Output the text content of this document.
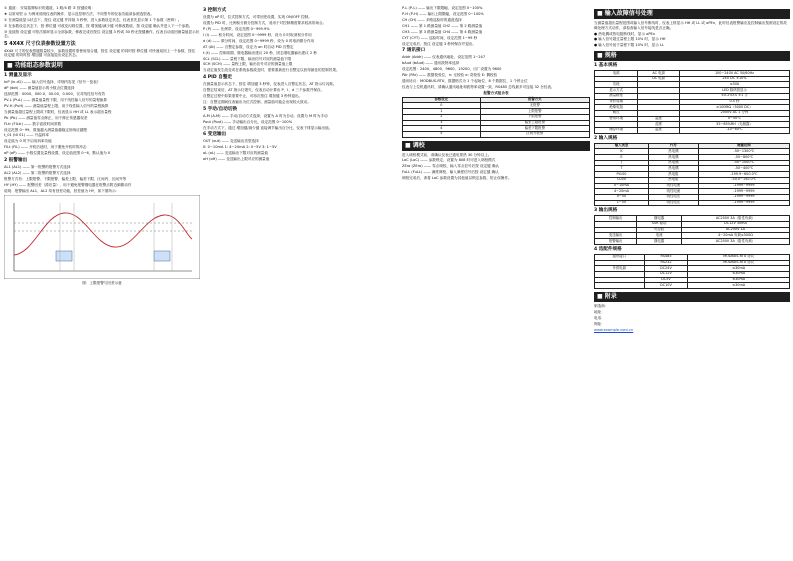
① 通道： 安装铭牌标识的通道，1 路/4 路 ② 按键说明：
★ 以常用型 ◎ 为例来说明仪表的操作、显示及控制方法，不同型号的仪表功能请参照选型表。
① 在测量值显示状态下，按住 设定键 并持续 3 秒钟，进入参数设定状态，仪表首先显示第 1 个参数（密码）。
② 在参数设定状态下，按 移位键 可改变闪烁位置，按 增加键/减少键 可修改数值，按 设定键 确认并进入下一个参数。
③ 连续按 设定键 可依次循环显示全部参数，修改完成后按住 设定键 3 秒或 30 秒无按键操作，仪表自动返回测量值显示状态。
5 4X4X 尺寸仪表参数设置方法
4X4X 尺寸的仪表按键数量较少，参数设置时需使用组合键，按住 设定键 的同时按 移位键 可快速返回上一个参数，按住 设定键 的同时按 增加键 可直接退出设定状态。
■ 功能组态参数说明
1 测量及显示
InP (in-d1) —— 输入信号选择，详细内容见《信号一览表》
dP (dot) —— 测量值显示的小数点位置选择
选择范围：0000、000.0、00.00、0.000，仅对线性信号有效
PV-L (PuL) —— 测量值量程下限，用于线性输入信号的量程换算
PV-H (PuH) —— 测量值量程上限，用于线性输入信号的量程换算
当测量值超过量程上限或下限时，仪表显示 HH 或 LL 表示超出量程
Pb (Pb) —— 测量值零点修正，用于修正传感器误差
FLtr (FILtr) —— 数字滤波时间常数
设定范围 0~99，数值越大测量值越稳定但响应越慢
t_01 (t0 01) —— 升温斜率
设定值为 0 时不启用斜率功能
FILt (FIL) —— 开机后延时，用于避免开机时的冲击
oP (oP) —— 小数位置及量程设置，设定值范围 0~6，默认值为 0
2 报警输出
AL1 (AL1) —— 第一报警的报警方式选择
AL2 (AL2) —— 第二报警的报警方式选择
报警方式有：上限报警、下限报警、偏差上限、偏差下限、区间内、区间外等
HY (HY) —— 报警回差（滞后量），用于避免报警继电器在报警点附近频繁动作
说明：报警输出 AL1、AL2 均有回差功能，回差值为 HY，如下图所示：
图：上限报警与回差示意
3 控制方式
设置为 oP 时，位式控制方式，可带回差设置，实现 ON/OFF 控制。
设置为 PID 时，比例积分微分控制方式，适用于对控制精度要求较高的场合。
P (P) —— 比例带，设定范围 0~999.9%
I (I) —— 积分时间，设定范围 0~9999 秒，设为 0 时取消积分作用
d (d) —— 微分时间，设定范围 0~9999 秒，设为 0 时取消微分作用
AT (At) —— 自整定参数，设定为 on 时启动 PID 自整定
t (t) —— 控制周期，继电器输出建议 20 秒，固态继电器输出建议 2 秒
SCL (SCL) —— 量程下限，输出信号对应的测量值下限
SCH (SCH) —— 量程上限，输出信号对应的测量值上限
当设定值发生改变或在系统参数改变时，需要重新进行自整定以获得最佳的控制效果。
4 PID 自整定
在测量值显示状态下，按住 增加键 3 秒钟，仪表进入自整定状态，AT 指示灯闪烁。
自整定结束后，AT 指示灯熄灭，仪表自动计算出 P、I、d 三个参数并保存。
自整定过程中如果需要中止，可再次按住 增加键 3 秒钟退出。
注：自整定期间仪表输出为位式控制，测量值可能会出现较大波动。
5 手动/自动切换
A-M (A-M) —— 手动/自动方式选择，设置为 A 时为自动，设置为 M 时为手动
Pout (Pout) —— 手动输出百分比，设定范围 0~100%
在手动方式下，通过 增加键/减少键 直接调节输出百分比，仪表下排显示输出值。
6 变送输出
OUT (out) —— 变送输出类型选择
0: 0~10mA 1: 4~20mA 2: 0~5V 3: 1~5V
oL (oL) —— 变送输出下限对应的测量值
oH (oH) —— 变送输出上限对应的测量值
P-L (P-L) —— 输出下限限幅，设定范围 0~100%
P-H (P-H) —— 输出上限限幅，设定范围 0~100%
CH (CH) —— 多路巡检时的通道选择
CH1 —— 第 1 路测量值 CH2 —— 第 2 路测量值
CH3 —— 第 3 路测量值 CH4 —— 第 4 路测量值
CYT (CYT) —— 巡检时间，设定范围 1~99 秒
设定完成后，按住 设定键 3 秒钟保存并退出。
7 通讯接口
Addr (Addr) —— 仪表通讯地址，设定范围 1~247
bAud (bAud) —— 通讯波特率选择
设定范围：2400、4800、9600、19200，出厂设置为 9600
PAr (PAr) —— 数据校验位，n: 无校验 o: 奇校验 E: 偶校验
通讯协议：MODBUS-RTU，数据格式为 1 个起始位、8 个数据位、1 个停止位
仪表与上位机通讯时，请确认通讯地址和波特率设置一致，RS485 总线最多可连接 32 台仪表。
报警方式组合表
参数设定	报警方式
0	无报警
1	上限报警
2	下限报警
3	偏差上限报警
4	偏差下限报警
5	区间外报警
■ 调校
进入调校模式前，请确认仪表已通电预热 30 分钟以上。
LoC (LoC) —— 参数锁定，设置为 808 时可进入调校模式
ZEro (ZEro) —— 零点调校，输入零点信号后按 设定键 确认
FuLL (FuLL) —— 满度调校，输入满度信号后按 设定键 确认
调校完成后，请将 LoC 参数设置为其他值以锁定参数，防止误操作。
■ 输入故障信号处理
当测量值超出量程范围或输入信号断线时，仪表上排显示 HH 或 LL 或 oPEn，此时仪表报警输出及控制输出按照设定的故障处理方式动作，请检查输入信号接线是否正确。
● 热电偶或热电阻断线时，显示 oPEn
● 输入信号超过量程上限 10% 时，显示 HH
● 输入信号低于量程下限 10% 时，显示 LL
■ 规格
1 基本规格
电源	AC 电源	100~240V AC 50/60Hz
	DC 电源	24V DC ±10%
功耗		≤5VA
显示方式		LED 数码管显示
测量精度		±0.2%F.S ±1 字
采样周期		0.5 秒
绝缘电阻		≥100MΩ（500V DC）
耐压		2000V AC 1 分钟
使用环境	温度	0~50℃
	湿度	35~85%RH（无凝露）
储存环境	温度	-10~60℃
2 输入规格
输入类型	代号	测量范围
K	热电偶	-50~1300℃
E	热电偶	-50~800℃
J	热电偶	-50~1000℃
T	热电偶	-50~400℃
Pt100	热电阻	-199.9~600.0℃
Cu50	热电阻	-50.0~150.0℃
0~10mA	线性电流	-1999~9999
4~20mA	线性电流	-1999~9999
0~5V	线性电压	-1999~9999
1~5V	线性电压	-1999~9999
3 输出规格
控制输出	继电器	AC250V 3A（阻性负载）
	SSR 驱动	DC12V 30mA
	可控硅	AC250V 1A
变送输出	电流	4~20mA 负载≤500Ω
报警输出	继电器	AC250V 3A（阻性负载）
4 选配件规格
通讯接口	RS485	MODBUS-RTU 协议
	RS232	MODBUS-RTU 协议
外供电源	DC24V	≤30mA
	DC12V	≤30mA
	DC5V	≤30mA
	DC10V	≤30mA
■ 附录
制造商：
地址：
电话：
网址：
www.example.com.cn
